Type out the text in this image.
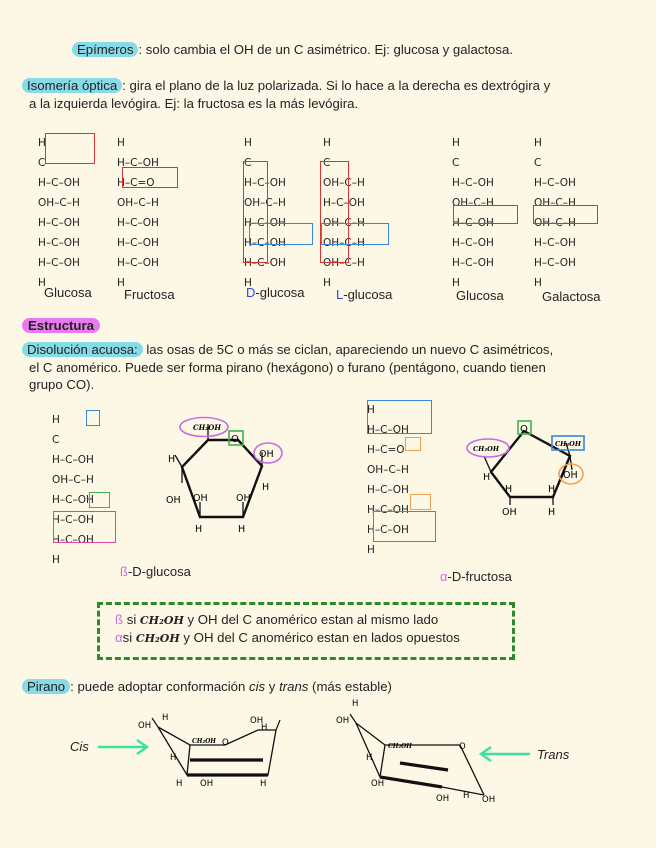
Epímeros : solo cambia el OH de un C asimétrico. Ej: glucosa y galactosa.
Isomería óptica : gira el plano de la luz polarizada. Si lo hace a la derecha es dextrógira y
a la izquierda levógira. Ej: la fructosa es la más levógira.
H
C
H–C–OH
OH–C–H
H–C–OH
H–C–OH
H–C–OH
H
Glucosa
H
H–C–OH
H–C=O
OH–C–H
H–C–OH
H–C–OH
H–C–OH
H
Fructosa
H
C
H–C–OH
OH–C–H
H–C–OH
H–C–OH
H–C–OH
H
D-glucosa
H
C
OH–C–H
H–C–OH
OH–C–H
OH–C–H
OH–C–H
H
L-glucosa
H
C
H–C–OH
OH–C–H
H–C–OH
H–C–OH
H–C–OH
H
Glucosa
H
C
H–C–OH
OH–C–H
OH–C–H
H–C–OH
H–C–OH
H
Galactosa
Estructura
Disolución acuosa: las osas de 5C o más se ciclan, apareciendo un nuevo C asimétricos,
el C anomérico. Puede ser forma pirano (hexágono) o furano (pentágono, cuando tienen
grupo CO).
H
C
H–C–OH
OH–C–H
H–C–OH
H–C–OH
H–C–OH
H
H
H–C–OH
H–C=O
OH–C–H
H–C–OH
H–C–OH
H–C–OH
H
CH₂OH
O
OH
H
H
OH OH	OH
H	H
CH₂OH
O
CH₂OH
OH
H
H	H
OH	H
OH
H
CH₂OH O
OH
H
H
H OH	H
OH
H
CH₂OH	O
H
OH
OH	OH
H
ß-D-glucosa	α-D-fructosa
ß si CH₂OH y OH del C anomérico estan al mismo lado
αsi CH₂OH y OH del C anomérico estan en lados opuestos
Pirano : puede adoptar conformación cis y trans (más estable)
Cis
Trans
